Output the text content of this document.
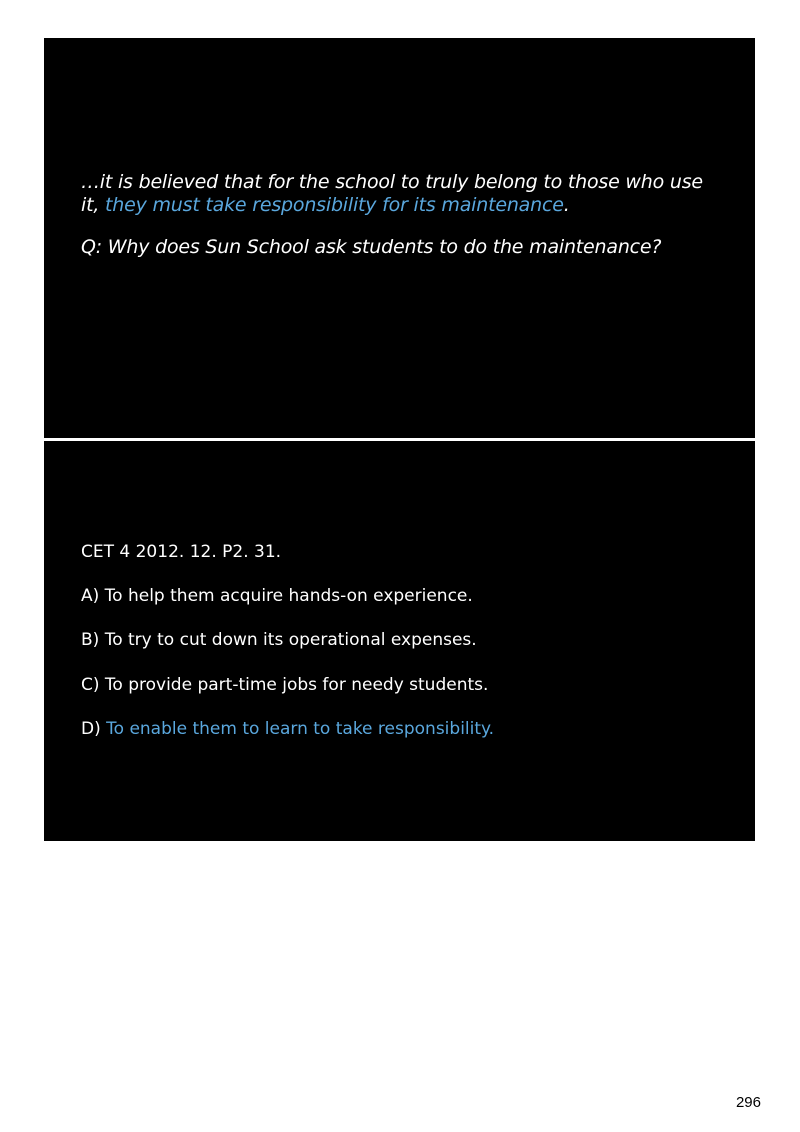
…it is believed that for the school to truly belong to those who use it, they must take responsibility for its maintenance.

Q: Why does Sun School ask students to do the maintenance?

CET 4 2012. 12. P2. 31.

A) To help them acquire hands-on experience.

B) To try to cut down its operational expenses.

C) To provide part-time jobs for needy students.

D) To enable them to learn to take responsibility.

296
